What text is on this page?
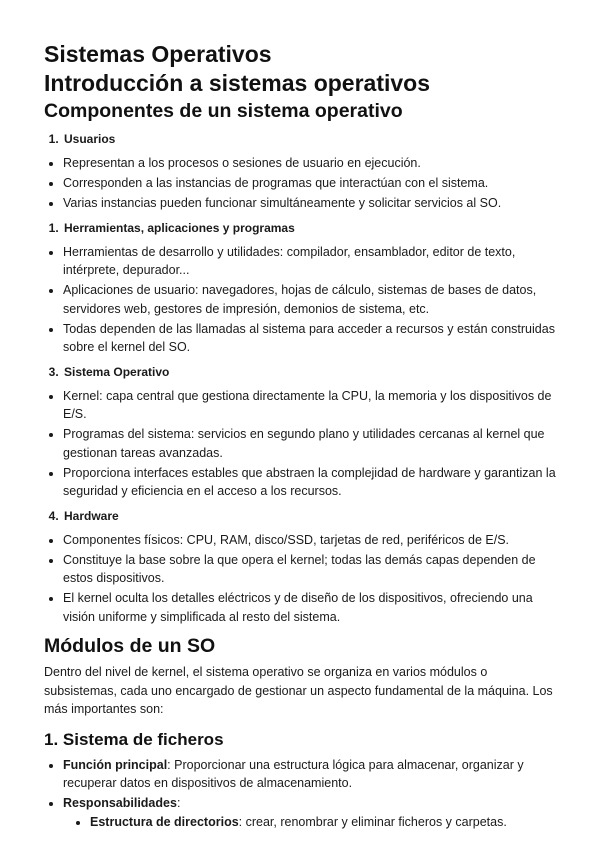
Sistemas Operativos
Introducción a sistemas operativos
Componentes de un sistema operativo
1. Usuarios
• Representan a los procesos o sesiones de usuario en ejecución.
• Corresponden a las instancias de programas que interactúan con el sistema.
• Varias instancias pueden funcionar simultáneamente y solicitar servicios al SO.
1. Herramientas, aplicaciones y programas
• Herramientas de desarrollo y utilidades: compilador, ensamblador, editor de texto, intérprete, depurador...
• Aplicaciones de usuario: navegadores, hojas de cálculo, sistemas de bases de datos, servidores web, gestores de impresión, demonios de sistema, etc.
• Todas dependen de las llamadas al sistema para acceder a recursos y están construidas sobre el kernel del SO.
3. Sistema Operativo
• Kernel: capa central que gestiona directamente la CPU, la memoria y los dispositivos de E/S.
• Programas del sistema: servicios en segundo plano y utilidades cercanas al kernel que gestionan tareas avanzadas.
• Proporciona interfaces estables que abstraen la complejidad de hardware y garantizan la seguridad y eficiencia en el acceso a los recursos.
4. Hardware
• Componentes físicos: CPU, RAM, disco/SSD, tarjetas de red, periféricos de E/S.
• Constituye la base sobre la que opera el kernel; todas las demás capas dependen de estos dispositivos.
• El kernel oculta los detalles eléctricos y de diseño de los dispositivos, ofreciendo una visión uniforme y simplificada al resto del sistema.
Módulos de un SO

Dentro del nivel de kernel, el sistema operativo se organiza en varios módulos o subsistemas, cada uno encargado de gestionar un aspecto fundamental de la máquina. Los más importantes son:

1. Sistema de ficheros
• Función principal: Proporcionar una estructura lógica para almacenar, organizar y recuperar datos en dispositivos de almacenamiento.
• Responsabilidades:
• Estructura de directorios: crear, renombrar y eliminar ficheros y carpetas.
